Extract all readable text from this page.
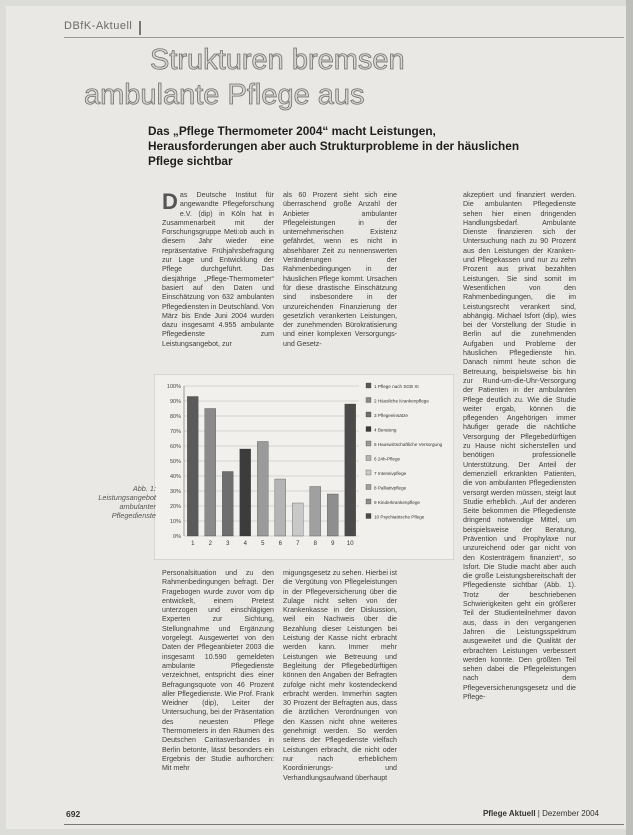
DBfK-Aktuell
Strukturen bremsen
ambulante Pflege aus
Das „Pflege Thermometer 2004“ macht Leistungen, Herausforderungen aber auch Strukturprobleme in der häuslichen Pflege sichtbar
Das Deutsche Institut für angewandte Pflegeforschung e.V. (dip) in Köln hat in Zusammenarbeit mit der Forschungsgruppe Meti:ob auch in diesem Jahr wieder eine repräsentative Frühjahrsbefragung zur Lage und Entwicklung der Pflege durchgeführt. Das diesjährige „Pflege-Thermometer“ basiert auf den Daten und Einschätzung von 632 ambulanten Pflegediensten in Deutschland. Von März bis Ende Juni 2004 wurden dazu insgesamt 4.955 ambulante Pflegedienste zum Leistungsangebot, zur
als 60 Prozent sieht sich eine überraschend große Anzahl der Anbieter ambulanter Pflegeleistungen in der unternehmerischen Existenz gefährdet, wenn es nicht in absehbarer Zeit zu nennenswerten Veränderungen der Rahmenbedingungen in der häuslichen Pflege kommt. Ursachen für diese drastische Einschätzung sind insbesondere in der unzureichenden Finanzierung der gesetzlich verankerten Leistungen, der zunehmenden Bürokratisierung und einer komplexen Versorgungs- und Gesetz-
akzeptiert und finanziert werden. Die ambulanten Pflegedienste sehen hier einen dringenden Handlungsbedarf. Ambulante Dienste finanzieren sich der Untersuchung nach zu 90 Prozent aus den Leistungen der Kranken- und Pflegekassen und nur zu zehn Prozent aus privat bezahlten Leistungen. Sie sind somit im Wesentlichen von den Rahmenbedingungen, die im Leistungsrecht verankert sind, abhängig. Michael Isfort (dip), wies bei der Vorstellung der Studie in Berlin auf die zunehmenden Aufgaben und Probleme der häuslichen Pflegedienste hin. Danach nimmt heute schon die Betreuung, beispielsweise bis hin zur Rund-um-die-Uhr-Versorgung der Patienten in der ambulanten Pflege deutlich zu. Wie die Studie weiter ergab, können die pflegenden Angehörigen immer häufiger gerade die nächtliche Versorgung der Pflegebedürftigen zu Hause nicht sicherstellen und benötigen professionelle Unterstützung. Der Anteil der demenziell erkrankten Patienten, die von ambulanten Pflegediensten versorgt werden müssen, steigt laut Studie erheblich. „Auf der anderen Seite bekommen die Pflegedienste dringend notwendige Mittel, um beispielsweise der Beratung, Prävention und Prophylaxe nur unzureichend oder gar nicht von den Kostenträgern finanziert“, so Isfort. Die Studie macht aber auch die große Leistungsbereitschaft der Pflegedienste sichtbar (Abb. 1). Trotz der beschriebenen Schwierigkeiten geht ein größerer Teil der Studienteilnehmer davon aus, dass in den vergangenen Jahren die Leistungsspektrum ausgeweitet und die Qualität der erbrachten Leistungen verbessert werden konnte. Den größten Teil sehen dabei die Pflegeleistungen nach dem Pflegeversicherungsgesetz und die Pflege-
100%
90%
80%
70%
60%
50%
40%
30%
20%
10%
0%
1 2 3 4 5 6 7 8 9 10
1 Pflege nach SGB XI
2 Häusliche Krankenpflege
3 Pflegeeinsätze
4 Beratung
5 Hauswirtschaftliche Versorgung
6 24h-Pflege
7 Intensivpflege
8 Palliativpflege
9 Kinderkrankenpflege
10 Psychiatrische Pflege
Abb. 1: Leistungsangebot ambulanter Pflegedienste
Personalsituation und zu den Rahmenbedingungen befragt. Der Fragebogen wurde zuvor vom dip entwickelt, einem Pretest unterzogen und einschlägigen Experten zur Sichtung, Stellungnahme und Ergänzung vorgelegt. Ausgewertet von den Daten der Pflegeanbieter 2003 die insgesamt 10.590 gemeldeten ambulante Pflegedienste verzeichnet, entspricht dies einer Befragungsquote von 46 Prozent aller Pflegedienste. Wie Prof. Frank Weidner (dip), Leiter der Untersuchung, bei der Präsentation des neuesten Pflege Thermometers in den Räumen des Deutschen Caritasverbandes in Berlin betonte, lässt besonders ein Ergebnis der Studie aufhorchen: Mit mehr
migungsgesetz zu sehen. Hierbei ist die Vergütung von Pflegeleistungen in der Pflegeversicherung über die Zulage nicht selten von der Krankenkasse in der Diskussion, weil ein Nachweis über die Bezahlung dieser Leistungen bei Leistung der Kasse nicht erbracht werden kann. Immer mehr Leistungen wie Betreuung und Begleitung der Pflegebedürftigen können den Angaben der Befragten zufolge nicht mehr kostendeckend erbracht werden. Immerhin sagten 30 Prozent der Befragten aus, dass die ärztlichen Verordnungen von den Kassen nicht ohne weiteres genehmigt werden. So werden seitens der Pflegedienste vielfach Leistungen erbracht, die nicht oder nur nach erheblichem Koordinierungs- und Verhandlungsaufwand überhaupt
692	Pflege Aktuell | Dezember 2004
